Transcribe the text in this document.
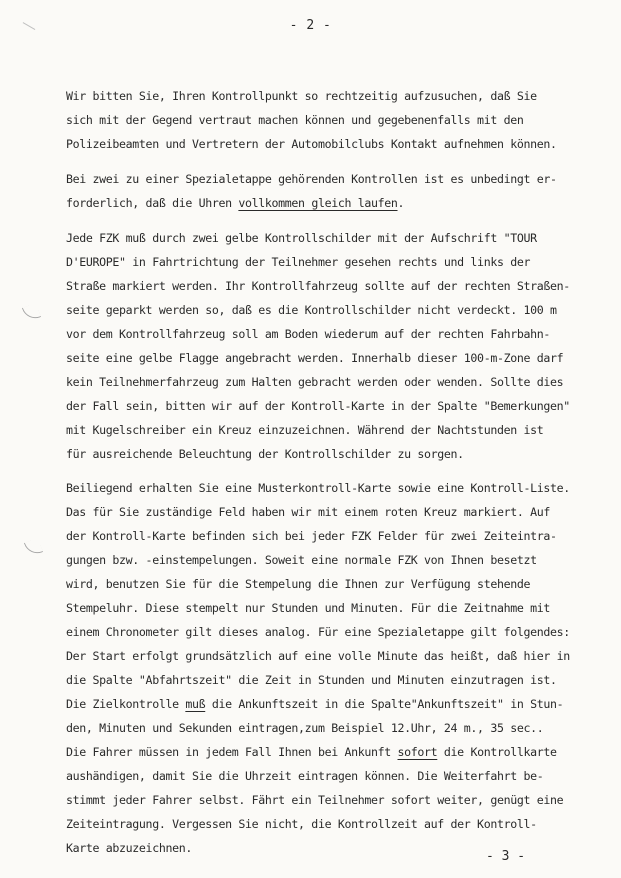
- 2 -
Wir bitten Sie, Ihren Kontrollpunkt so rechtzeitig aufzusuchen, daß Sie
sich mit der Gegend vertraut machen können und gegebenenfalls mit den
Polizeibeamten und Vertretern der Automobilclubs Kontakt aufnehmen können.
Bei zwei zu einer Spezialetappe gehörenden Kontrollen ist es unbedingt er-
forderlich, daß die Uhren vollkommen gleich laufen.
Jede FZK muß durch zwei gelbe Kontrollschilder mit der Aufschrift "TOUR
D'EUROPE" in Fahrtrichtung der Teilnehmer gesehen rechts und links der
Straße markiert werden. Ihr Kontrollfahrzeug sollte auf der rechten Straßen-
seite geparkt werden so, daß es die Kontrollschilder nicht verdeckt. 100 m
vor dem Kontrollfahrzeug soll am Boden wiederum auf der rechten Fahrbahn-
seite eine gelbe Flagge angebracht werden. Innerhalb dieser 100-m-Zone darf
kein Teilnehmerfahrzeug zum Halten gebracht werden oder wenden. Sollte dies
der Fall sein, bitten wir auf der Kontroll-Karte in der Spalte "Bemerkungen"
mit Kugelschreiber ein Kreuz einzuzeichnen. Während der Nachtstunden ist
für ausreichende Beleuchtung der Kontrollschilder zu sorgen.
Beiliegend erhalten Sie eine Musterkontroll-Karte sowie eine Kontroll-Liste.
Das für Sie zuständige Feld haben wir mit einem roten Kreuz markiert. Auf
der Kontroll-Karte befinden sich bei jeder FZK Felder für zwei Zeiteintra-
gungen bzw. -einstempelungen. Soweit eine normale FZK von Ihnen besetzt
wird, benutzen Sie für die Stempelung die Ihnen zur Verfügung stehende
Stempeluhr. Diese stempelt nur Stunden und Minuten. Für die Zeitnahme mit
einem Chronometer gilt dieses analog. Für eine Spezialetappe gilt folgendes:
Der Start erfolgt grundsätzlich auf eine volle Minute das heißt, daß hier in
die Spalte "Abfahrtszeit" die Zeit in Stunden und Minuten einzutragen ist.
Die Zielkontrolle muß die Ankunftszeit in die Spalte"Ankunftszeit" in Stun-
den, Minuten und Sekunden eintragen,zum Beispiel 12.Uhr, 24 m., 35 sec..
Die Fahrer müssen in jedem Fall Ihnen bei Ankunft sofort die Kontrollkarte
aushändigen, damit Sie die Uhrzeit eintragen können. Die Weiterfahrt be-
stimmt jeder Fahrer selbst. Fährt ein Teilnehmer sofort weiter, genügt eine
Zeiteintragung. Vergessen Sie nicht, die Kontrollzeit auf der Kontroll-
Karte abzuzeichnen.
- 3 -
